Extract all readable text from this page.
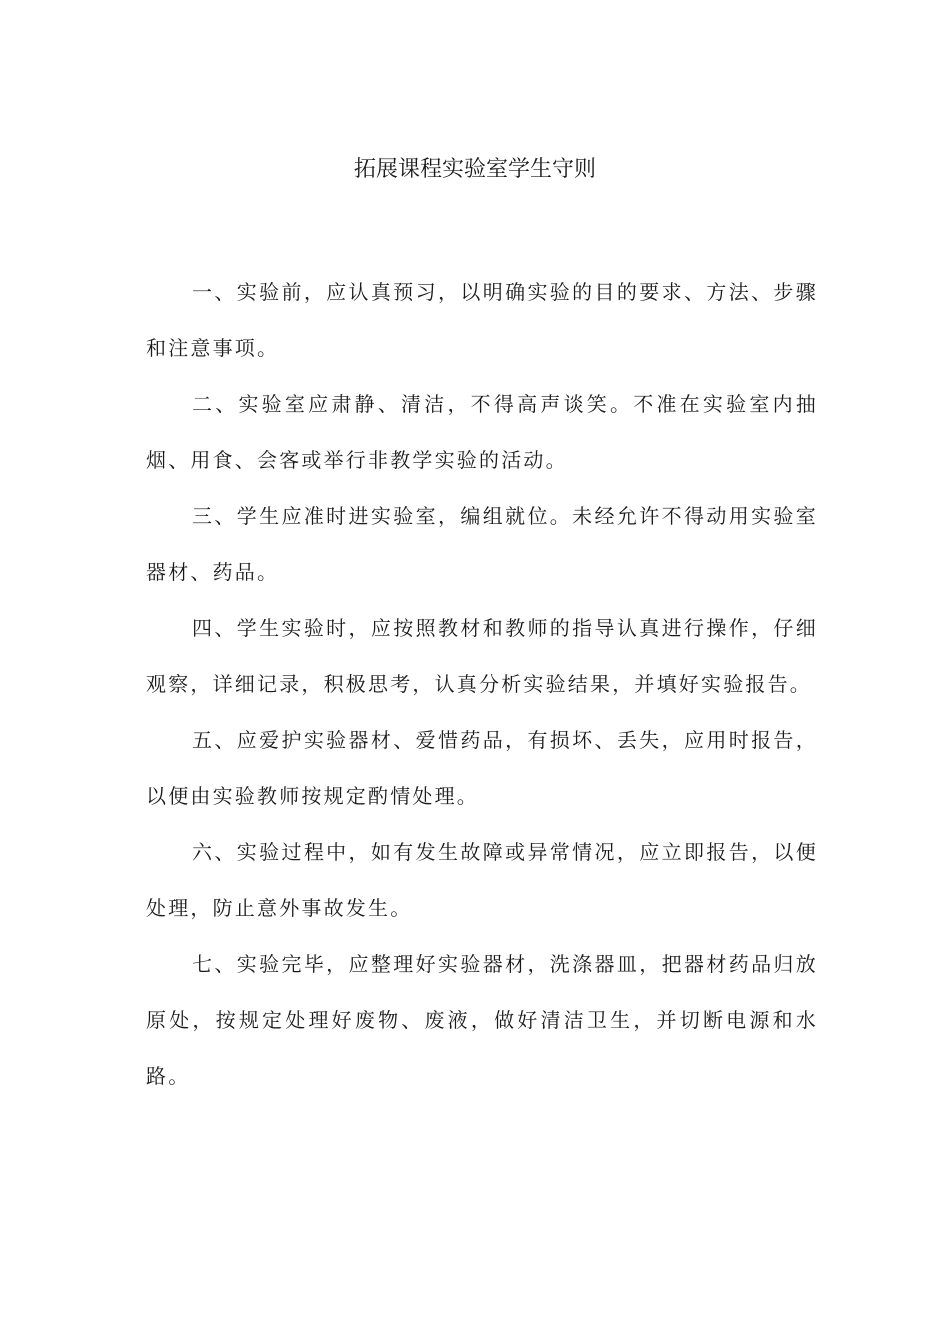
拓展课程实验室学生守则

一、实验前，应认真预习，以明确实验的目的要求、方法、步骤和注意事项。

二、实验室应肃静、清洁，不得高声谈笑。不准在实验室内抽烟、用食、会客或举行非教学实验的活动。

三、学生应准时进实验室，编组就位。未经允许不得动用实验室器材、药品。

四、学生实验时，应按照教材和教师的指导认真进行操作，仔细观察，详细记录，积极思考，认真分析实验结果，并填好实验报告。

五、应爱护实验器材、爱惜药品，有损坏、丢失，应用时报告，以便由实验教师按规定酌情处理。

六、实验过程中，如有发生故障或异常情况，应立即报告，以便处理，防止意外事故发生。

七、实验完毕，应整理好实验器材，洗涤器皿，把器材药品归放原处，按规定处理好废物、废液，做好清洁卫生，并切断电源和水路。
